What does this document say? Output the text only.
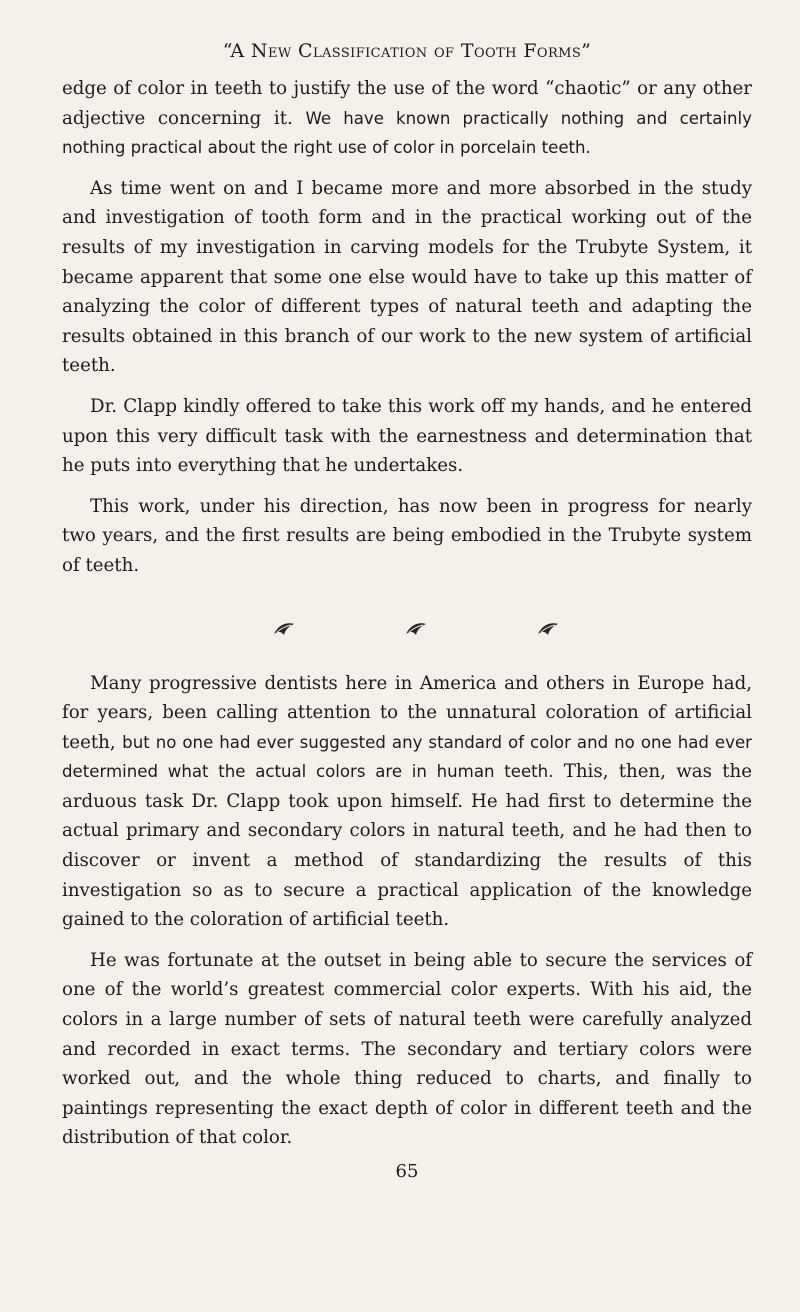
“A New Classification of Tooth Forms”

edge of color in teeth to justify the use of the word “chaotic” or any other adjective concerning it. We have known practically nothing and certainly nothing practical about the right use of color in porcelain teeth.

As time went on and I became more and more absorbed in the study and investigation of tooth form and in the practical working out of the results of my investigation in carving models for the Trubyte System, it became apparent that some one else would have to take up this matter of analyzing the color of different types of natural teeth and adapting the results obtained in this branch of our work to the new system of artificial teeth.

Dr. Clapp kindly offered to take this work off my hands, and he entered upon this very difficult task with the earnestness and determination that he puts into everything that he undertakes.

This work, under his direction, has now been in progress for nearly two years, and the first results are being embodied in the Trubyte system of teeth.

Many progressive dentists here in America and others in Europe had, for years, been calling attention to the unnatural coloration of artificial teeth, but no one had ever suggested any standard of color and no one had ever determined what the actual colors are in human teeth. This, then, was the arduous task Dr. Clapp took upon himself. He had first to determine the actual primary and secondary colors in natural teeth, and he had then to discover or invent a method of standardizing the results of this investigation so as to secure a practical application of the knowledge gained to the coloration of artificial teeth.

He was fortunate at the outset in being able to secure the services of one of the world’s greatest commercial color experts. With his aid, the colors in a large number of sets of natural teeth were carefully analyzed and recorded in exact terms. The secondary and tertiary colors were worked out, and the whole thing reduced to charts, and finally to paintings representing the exact depth of color in different teeth and the distribution of that color.

65
